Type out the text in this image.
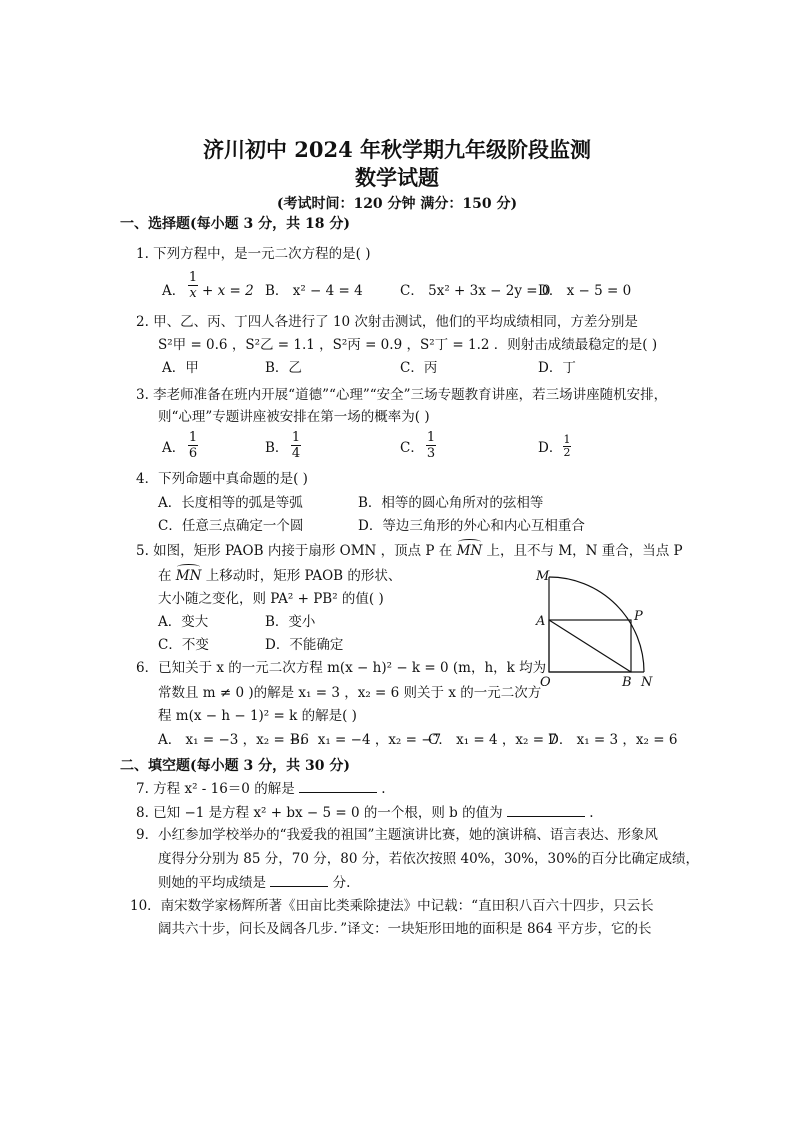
济川初中 2024 年秋学期九年级阶段监测
数学试题
(考试时间：120 分钟 满分：150 分)
一、选择题(每小题 3 分，共 18 分)
1. 下列方程中，是一元二次方程的是( )
A． $\frac{1}{x} + x = 2$ B． x² − 4 = 4	C． 5x² + 3x − 2y = 0
D． x − 5 = 0
2. 甲、乙、丙、丁四人各进行了 10 次射击测试，他们的平均成绩相同，方差分别是
S²甲 = 0.6 ，S²乙 = 1.1 ，S²丙 = 0.9 ，S²丁 = 1.2 ．则射击成绩最稳定的是( )
A．甲	B．乙	C．丙	D．丁
3. 李老师准备在班内开展“道德”“心理”“安全”三场专题教育讲座，若三场讲座随机安排，
则“心理”专题讲座被安排在第一场的概率为( )
A． $\frac{1}{6}$	B． $\frac{1}{4}$	C． $\frac{1}{3}$	D． $\frac{1}{2}$
4．下列命题中真命题的是( )
A．长度相等的弧是等弧	B．相等的圆心角所对的弦相等
C．任意三点确定一个圆	D．等边三角形的外心和内心互相重合
5. 如图，矩形 PAOB 内接于扇形 OMN ，顶点 P 在 MN 上，且不与 M，N 重合，当点 P
在 MN 上移动时，矩形 PAOB 的形状、
大小随之变化，则 PA² + PB² 的值( )
A．变大	B．变小
C．不变	D．不能确定
M
P
A
O	B N
6．已知关于 x 的一元二次方程 m(x − h)² − k = 0 (m，h，k 均为
常数且 m ≠ 0 )的解是 x₁ = 3 ，x₂ = 6 则关于 x 的一元二次方
程 m(x − h − 1)² = k 的解是( )
A． x₁ = −3 ，x₂ = −6
B． x₁ = −4 ，x₂ = −7
C． x₁ = 4 ，x₂ = 7
D． x₁ = 3 ，x₂ = 6
二、填空题(每小题 3 分，共 30 分)
7. 方程 x² - 16＝0 的解是	.
8. 已知 −1 是方程 x² + bx − 5 = 0 的一个根，则 b 的值为	.
9．小红参加学校举办的“我爱我的祖国”主题演讲比赛，她的演讲稿、语言表达、形象风
度得分分别为 85 分，70 分，80 分，若依次按照 40%，30%，30%的百分比确定成绩，
则她的平均成绩是	分.
10．南宋数学家杨辉所著《田亩比类乘除捷法》中记载：“直田积八百六十四步，只云长
阔共六十步，问长及阔各几步．”译文：一块矩形田地的面积是 864 平方步，它的长
